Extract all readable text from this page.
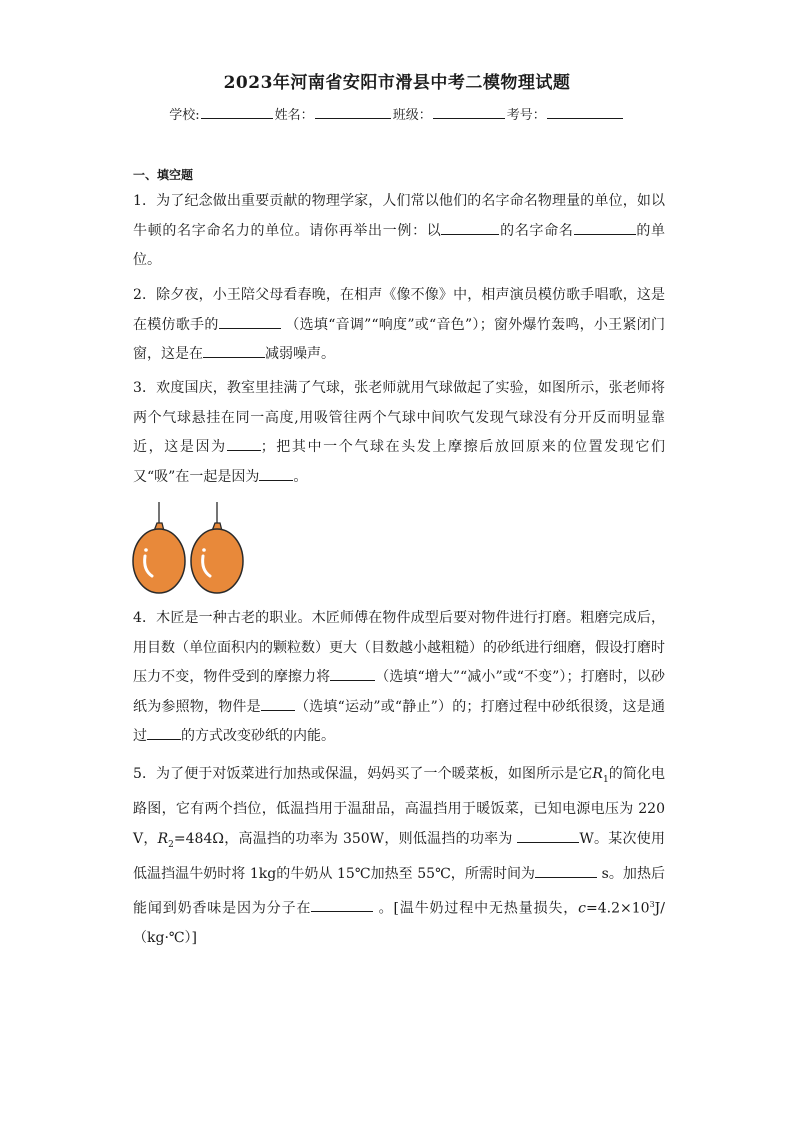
2023年河南省安阳市滑县中考二模物理试题
学校:	姓名：	班级：	考号：
一、填空题
1．为了纪念做出重要贡献的物理学家，人们常以他们的名字命名物理量的单位，如以牛顿的名字命名力的单位。请你再举出一例：以	的名字命名	的单位。
2．除夕夜，小王陪父母看春晚，在相声《像不像》中，相声演员模仿歌手唱歌，这是在模仿歌手的	（选填“音调”“响度”或“音色”）；窗外爆竹轰鸣，小王紧闭门窗，这是在	减弱噪声。
3．欢度国庆，教室里挂满了气球，张老师就用气球做起了实验，如图所示，张老师将两个气球悬挂在同一高度,用吸管往两个气球中间吹气发现气球没有分开反而明显靠近，这是因为 ；把其中一个气球在头发上摩擦后放回原来的位置发现它们又“吸”在一起是因为 。
4．木匠是一种古老的职业。木匠师傅在物件成型后要对物件进行打磨。粗磨完成后，用目数（单位面积内的颗粒数）更大（目数越小越粗糙）的砂纸进行细磨，假设打磨时压力不变，物件受到的摩擦力将	（选填“增大”“减小”或“不变”）；打磨时，以砂纸为参照物，物件是 （选填“运动”或“静止”）的；打磨过程中砂纸很烫，这是通过 的方式改变砂纸的内能。
5．为了便于对饭菜进行加热或保温，妈妈买了一个暖菜板，如图所示是它$R_1$的简化电路图，它有两个挡位，低温挡用于温甜品，高温挡用于暖饭菜，已知电源电压为 220 V，$R_2=484\Omega$，高温挡的功率为 350W，则低温挡的功率为	W。某次使用低温挡温牛奶时将 1kg的牛奶从 15℃加热至 55℃，所需时间为	s。加热后能闻到奶香味是因为分子在	。[温牛奶过程中无热量损失，$c=4.2\times 10^3J/(kg\cdot℃)$]
